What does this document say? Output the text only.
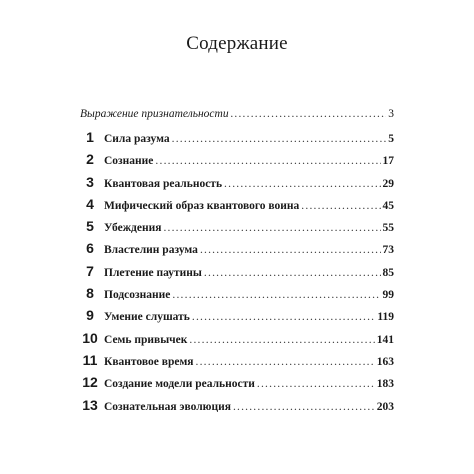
Содержание
Выражение признательности .....	3
1 Сила разума .....	5
2 Сознание .....	17
3 Квантовая реальность .....	29
4 Мифический образ квантового воина .....	45
5 Убеждения .....	55
6 Властелин разума .....	73
7 Плетение паутины .....	85
8 Подсознание .....	99
9 Умение слушать .....	119
10 Семь привычек .....	141
11 Квантовое время .....	163
12 Создание модели реальности .....	183
13 Сознательная эволюция .....	203
